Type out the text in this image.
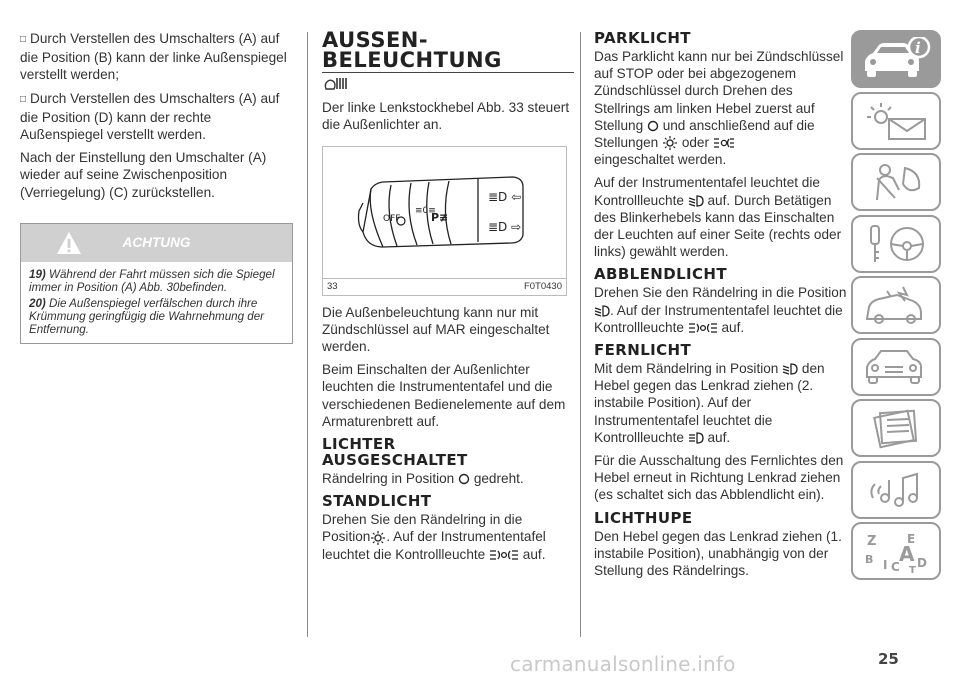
□ Durch Verstellen des Umschalters (A) auf die Position (B) kann der linke Außenspiegel verstellt werden;

□ Durch Verstellen des Umschalters (A) auf die Position (D) kann der rechte Außenspiegel verstellt werden.

Nach der Einstellung den Umschalter (A) wieder auf seine Zwischenposition (Verriegelung) (C) zurückstellen.

ACHTUNG

19) Während der Fahrt müssen sich die Spiegel immer in Position (A) Abb. 30befinden.

20) Die Außenspiegel verfälschen durch ihre Krümmung geringfügig die Wahrnehmung der Entfernung.

AUSSEN-BELEUCHTUNG

Der linke Lenkstockhebel Abb. 33 steuert die Außenlichter an.

≡0≡
P≢
≣D ⇦
≣D ⇨
OFF
33	F0T0430

Die Außenbeleuchtung kann nur mit Zündschlüssel auf MAR eingeschaltet werden.

Beim Einschalten der Außenlichter leuchten die Instrumententafel und die verschiedenen Bedienelemente auf dem Armaturenbrett auf.

LICHTER AUSGESCHALTET

Rändelring in Position gedreht.

STANDLICHT

Drehen Sie den Rändelring in die Position . Auf der Instrumententafel leuchtet die Kontrollleuchte	auf.

PARKLICHT

Das Parklicht kann nur bei Zündschlüssel auf STOP oder bei abgezogenem Zündschlüssel durch Drehen des Stellrings am linken Hebel zuerst auf Stellung und anschließend auf die Stellungen oder
eingeschaltet werden.

Auf der Instrumententafel leuchtet die Kontrollleuchte auf. Durch Betätigen des Blinkerhebels kann das Einschalten der Leuchten auf einer Seite (rechts oder links) gewählt werden.

ABBLENDLICHT

Drehen Sie den Rändelring in die Position. Auf der Instrumententafel leuchtet die Kontrollleuchte	auf.

FERNLICHT

Mit dem Rändelring in Position den Hebel gegen das Lenkrad ziehen (2. instabile Position). Auf der Instrumententafel leuchtet die Kontrollleuchte auf.

Für die Ausschaltung des Fernlichtes den Hebel erneut in Richtung Lenkrad ziehen (es schaltet sich das Abblendlicht ein).

LICHTHUPE

Den Hebel gegen das Lenkrad ziehen (1. instabile Position), unabhängig von der Stellung des Rändelrings.

i
Z	E
B I C
A D
T
carmanualsonline.info	25
